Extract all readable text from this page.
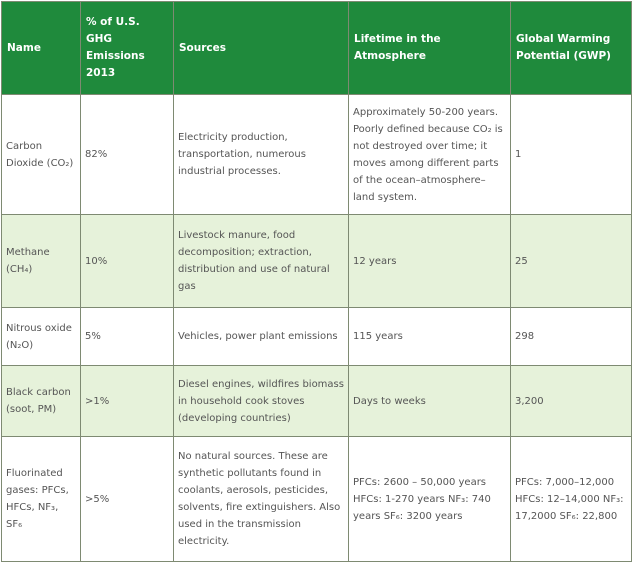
Name	% of U.S. GHG Emissions 2013	Sources	Lifetime in the Atmosphere	Global Warming Potential (GWP)
Carbon Dioxide (CO₂)	82%	Electricity production, transportation, numerous industrial processes.	Approximately 50-200 years. Poorly defined because CO₂ is not destroyed over time; it moves among different parts of the ocean–atmosphere–land system.	1
Methane (CH₄)	10%	Livestock manure, food decomposition; extraction, distribution and use of natural gas	12 years	25
Nitrous oxide (N₂O)	5%	Vehicles, power plant emissions	115 years	298
Black carbon (soot, PM)	>1%	Diesel engines, wildfires biomass in household cook stoves (developing countries)	Days to weeks	3,200
Fluorinated gases: PFCs, HFCs, NF₃, SF₆	>5%	No natural sources. These are synthetic pollutants found in coolants, aerosols, pesticides, solvents, fire extinguishers. Also used in the transmission electricity.	PFCs: 2600 – 50,000 years HFCs: 1-270 years NF₃: 740 years SF₆: 3200 years	PFCs: 7,000–12,000 HFCs: 12–14,000 NF₃: 17,2000 SF₆: 22,800
